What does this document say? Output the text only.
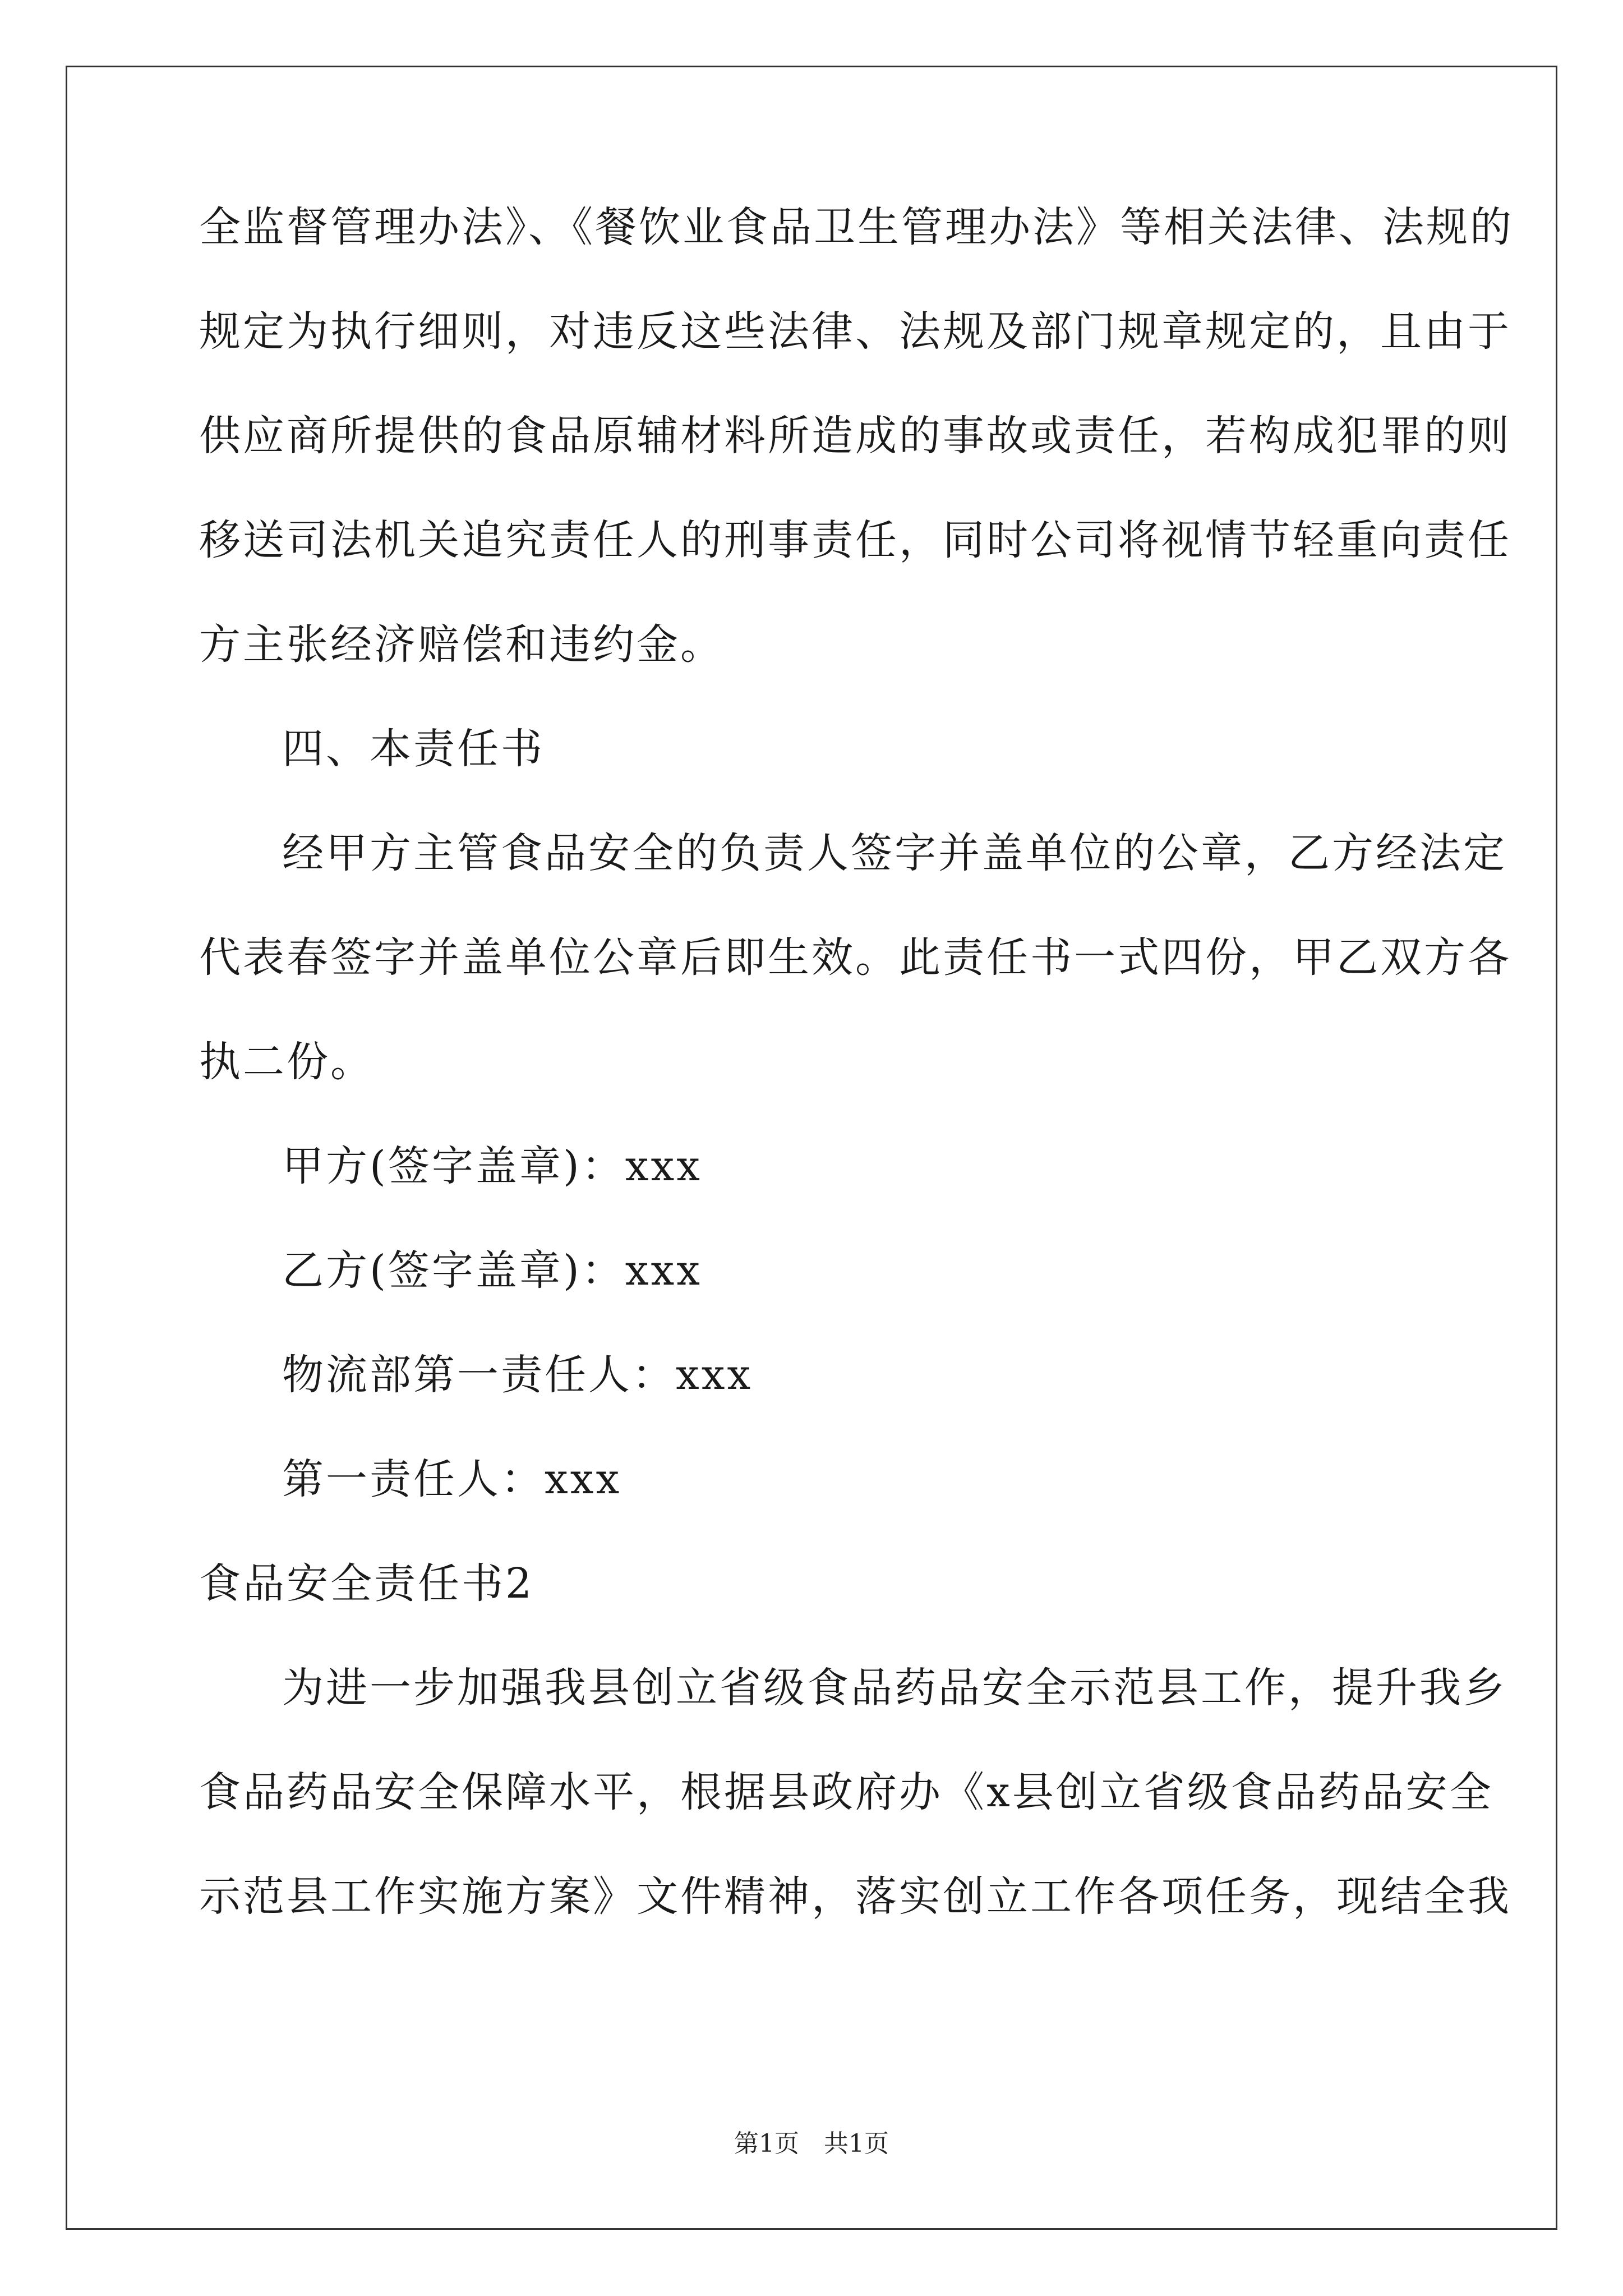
全监督管理办法》、《餐饮业食品卫生管理办法》等相关法律、法规的
规定为执行细则，对违反这些法律、法规及部门规章规定的，且由于
供应商所提供的食品原辅材料所造成的事故或责任，若构成犯罪的则
移送司法机关追究责任人的刑事责任，同时公司将视情节轻重向责任
方主张经济赔偿和违约金。
四、本责任书
经甲方主管食品安全的负责人签字并盖单位的公章，乙方经法定
代表春签字并盖单位公章后即生效。此责任书一式四份，甲乙双方各
执二份。
甲方(签字盖章)：xxx
乙方(签字盖章)：xxx
物流部第一责任人：xxx
第一责任人：xxx
食品安全责任书2
为进一步加强我县创立省级食品药品安全示范县工作，提升我乡
食品药品安全保障水平，根据县政府办《x县创立省级食品药品安全
示范县工作实施方案》文件精神，落实创立工作各项任务，现结全我
第1页　共1页
